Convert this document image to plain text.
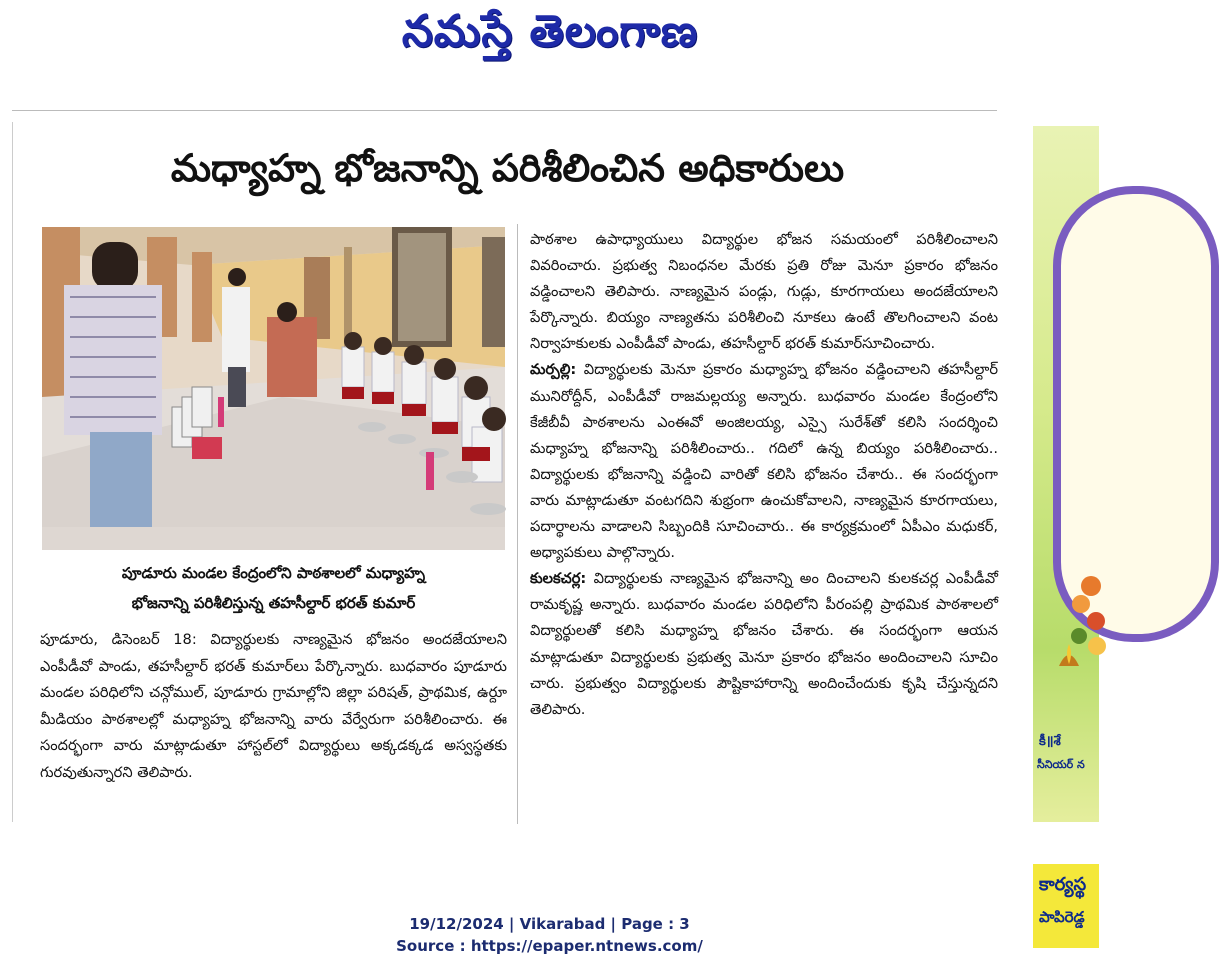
నమస్తే తెలంగాణ
మధ్యాహ్న భోజనాన్ని పరిశీలించిన అధికారులు
పూడూరు మండల కేంద్రంలోని పాఠశాలలో మధ్యాహ్న
భోజనాన్ని పరిశీలిస్తున్న తహసీల్దార్ భరత్ కుమార్

పూడూరు, డిసెంబర్ 18: విద్యార్థులకు నాణ్యమైన భోజనం అందజేయాలని ఎంపీడీవో పాండు, తహసీల్దార్ భరత్ కుమార్‌లు పేర్కొన్నారు. బుధవారం పూడూరు మండల పరిధిలోని చన్గోముల్, పూడూరు గ్రామాల్లోని జిల్లా పరిషత్, ప్రాథమిక, ఉర్దూ మీడియం పాఠశాలల్లో మధ్యాహ్న భోజనాన్ని వారు వేర్వేరుగా పరిశీలించారు. ఈ సందర్భంగా వారు మాట్లాడుతూ హాస్టల్‌లో విద్యార్థులు అక్కడక్కడ అస్వస్థతకు గురవుతున్నారని తెలిపారు.

పాఠశాల ఉపాధ్యాయులు విద్యార్థుల భోజన సమయంలో పరిశీలించాలని వివరించారు. ప్రభుత్వ నిబంధనల మేరకు ప్రతి రోజు మెనూ ప్రకారం భోజనం వడ్డించాలని తెలిపారు. నాణ్యమైన పండ్లు, గుడ్లు, కూరగాయలు అందజేయాలని పేర్కొన్నారు. బియ్యం నాణ్యతను పరిశీలించి నూకలు ఉంటే తొలగించాలని వంట నిర్వాహకులకు ఎంపీడీవో పాండు, తహసీల్దార్ భరత్ కుమార్‌సూచించారు.

మర్పల్లి: విద్యార్థులకు మెనూ ప్రకారం మధ్యాహ్న భోజనం వడ్డించాలని తహసీల్దార్ మునిరోద్దీన్, ఎంపీడీవో రాజమల్లయ్య అన్నారు. బుధవారం మండల కేంద్రంలోని కేజీబీవీ పాఠశాలను ఎంఈవో అంజిలయ్య, ఎస్సై సురేశ్‌తో కలిసి సందర్శించి మధ్యాహ్న భోజనాన్ని పరిశీలించారు.. గదిలో ఉన్న బియ్యం పరిశీలించారు.. విద్యార్థులకు భోజనాన్ని వడ్డించి వారితో కలిసి భోజనం చేశారు.. ఈ సందర్భంగా వారు మాట్లాడుతూ వంటగదిని శుభ్రంగా ఉంచుకోవాలని, నాణ్యమైన కూరగాయలు, పదార్థాలను వాడాలని సిబ్బందికి సూచించారు.. ఈ కార్యక్రమంలో ఏపీఎం మధుకర్, అధ్యాపకులు పాల్గొన్నారు.

కులకచర్ల: విద్యార్థులకు నాణ్యమైన భోజనాన్ని అం దించాలని కులకచర్ల ఎంపీడీవో రామకృష్ణ అన్నారు. బుధవారం మండల పరిధిలోని పీరంపల్లి ప్రాథమిక పాఠశాలలో విద్యార్థులతో కలిసి మధ్యాహ్న భోజనం చేశారు. ఈ సందర్భంగా ఆయన మాట్లాడుతూ విద్యార్థులకు ప్రభుత్వ మెనూ ప్రకారం భోజనం అందించాలని సూచిం చారు. ప్రభుత్వం విద్యార్థులకు పౌష్టికాహారాన్ని అందించేందుకు కృషి చేస్తున్నదని తెలిపారు.

కీ॥శే
సీనియర్ న
కార్యస్థ
పాపిరెడ్డ
19/12/2024 | Vikarabad | Page : 3
Source : https://epaper.ntnews.com/
